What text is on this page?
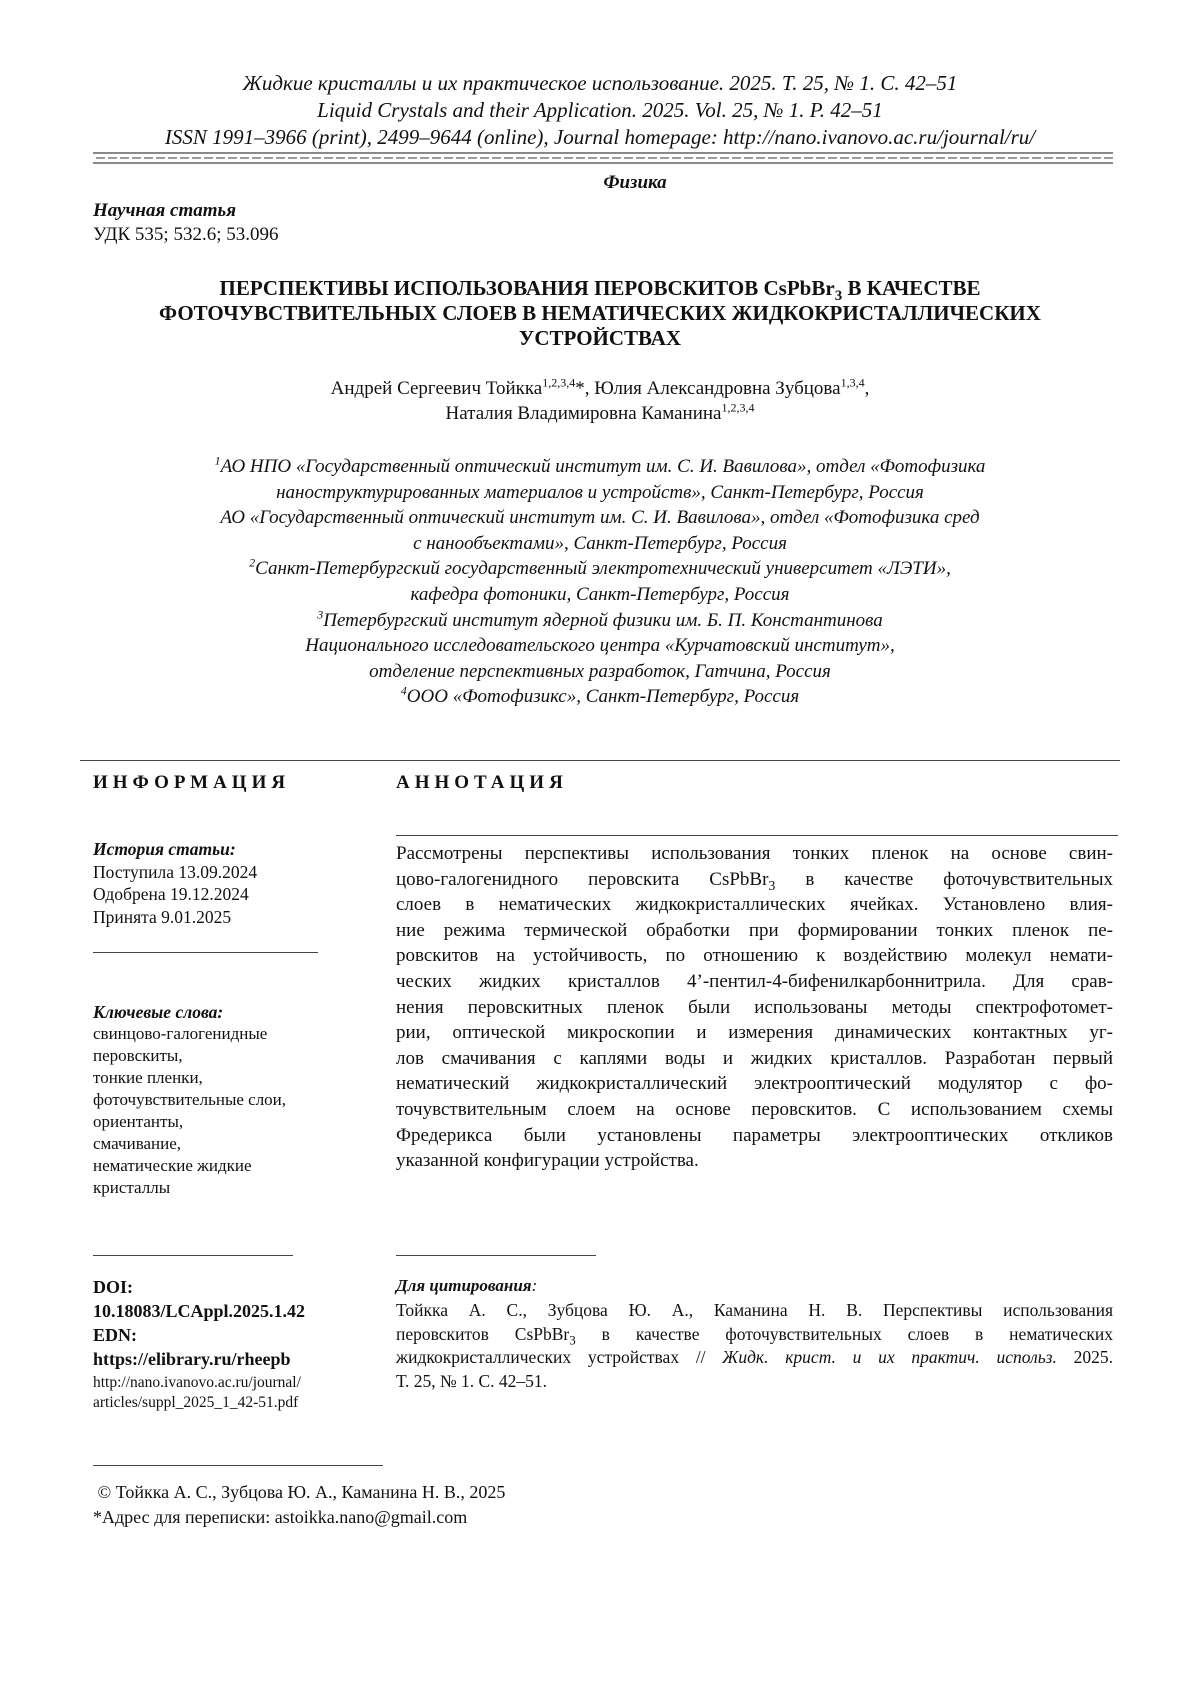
Жидкие кристаллы и их практическое использование. 2025. Т. 25, № 1. С. 42–51
Liquid Crystals and their Application. 2025. Vol. 25, № 1. P. 42–51
ISSN 1991–3966 (print), 2499–9644 (online), Journal homepage: http://nano.ivanovo.ac.ru/journal/ru/
Физика
Научная статья
УДК 535; 532.6; 53.096
ПЕРСПЕКТИВЫ ИСПОЛЬЗОВАНИЯ ПЕРОВСКИТОВ CsPbBr$_3$ В КАЧЕСТВЕ
ФОТОЧУВСТВИТЕЛЬНЫХ СЛОЕВ В НЕМАТИЧЕСКИХ ЖИДКОКРИСТАЛЛИЧЕСКИХ
УСТРОЙСТВАХ
Андрей Сергеевич Тойкка$^{1,2,3,4}$*, Юлия Александровна Зубцова$^{1,3,4}$,
Наталия Владимировна Каманина$^{1,2,3,4}$
$^1$АО НПО «Государственный оптический институт им. С. И. Вавилова», отдел «Фотофизика
наноструктурированных материалов и устройств», Санкт-Петербург, Россия
АО «Государственный оптический институт им. С. И. Вавилова», отдел «Фотофизика сред
с нанообъектами», Санкт-Петербург, Россия
$^2$Санкт-Петербургский государственный электротехнический университет «ЛЭТИ»,
кафедра фотоники, Санкт-Петербург, Россия
$^3$Петербургский институт ядерной физики им. Б. П. Константинова
Национального исследовательского центра «Курчатовский институт»,
отделение перспективных разработок, Гатчина, Россия
$^4$ООО «Фотофизикс», Санкт-Петербург, Россия
ИНФОРМАЦИЯ	АННОТАЦИЯ
История статьи:
Поступила 13.09.2024
Одобрена 19.12.2024
Принята 9.01.2025
Ключевые слова:
свинцово-галогенидные
перовскиты,
тонкие пленки,
фоточувствительные слои,
ориентанты,
смачивание,
нематические жидкие
кристаллы
Рассмотрены перспективы использования тонких пленок на основе свин-
цово-галогенидного перовскита CsPbBr$_3$ в качестве фоточувствительных
слоев в нематических жидкокристаллических ячейках. Установлено влия-
ние режима термической обработки при формировании тонких пленок пе-
ровскитов на устойчивость, по отношению к воздействию молекул немати-
ческих жидких кристаллов 4’-пентил-4-бифенилкарбоннитрила. Для срав-
нения перовскитных пленок были использованы методы спектрофотомет-
рии, оптической микроскопии и измерения динамических контактных уг-
лов смачивания с каплями воды и жидких кристаллов. Разработан первый
нематический жидкокристаллический электрооптический модулятор с фо-
точувствительным слоем на основе перовскитов. С использованием схемы
Фредерикса были установлены параметры электрооптических откликов
указанной конфигурации устройства.
DOI:
10.18083/LCAppl.2025.1.42
EDN:
https://elibrary.ru/rheepb
http://nano.ivanovo.ac.ru/journal/
articles/suppl_2025_1_42-51.pdf
Для цитирования:
Тойкка А. С., Зубцова Ю. А., Каманина Н. В. Перспективы использования
перовскитов CsPbBr$_3$ в качестве фоточувствительных слоев в нематических
жидкокристаллических устройствах // Жидк. крист. и их практич. использ. 2025.
Т. 25, № 1. С. 42–51.
© Тойкка А. С., Зубцова Ю. А., Каманина Н. В., 2025
*Адрес для переписки: astoikka.nano@gmail.com
